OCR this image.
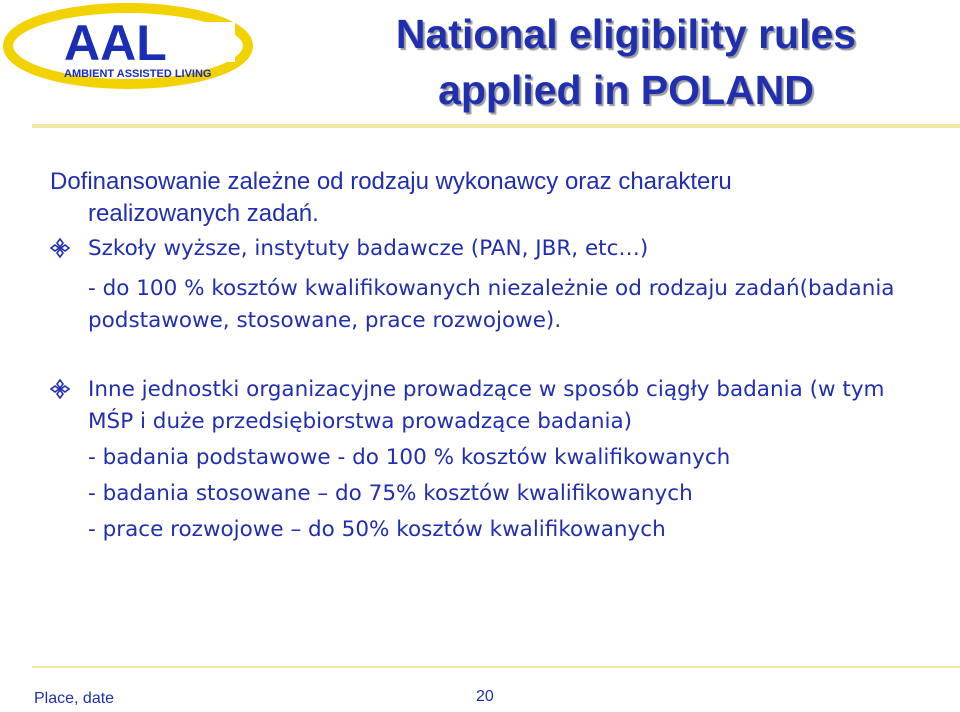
AAL
AMBIENT ASSISTED LIVING
National eligibility rules
applied in POLAND
Dofinansowanie zależne od rodzaju wykonawcy oraz charakteru
realizowanych zadań.
Szkoły wyższe, instytuty badawcze (PAN, JBR, etc…)
- do 100 % kosztów kwalifikowanych niezależnie od rodzaju zadań(badania
podstawowe, stosowane, prace rozwojowe).
Inne jednostki organizacyjne prowadzące w sposób ciągły badania (w tym
MŚP i duże przedsiębiorstwa prowadzące badania)
- badania podstawowe - do 100 % kosztów kwalifikowanych
- badania stosowane – do 75% kosztów kwalifikowanych
- prace rozwojowe – do 50% kosztów kwalifikowanych
Place, date	20
